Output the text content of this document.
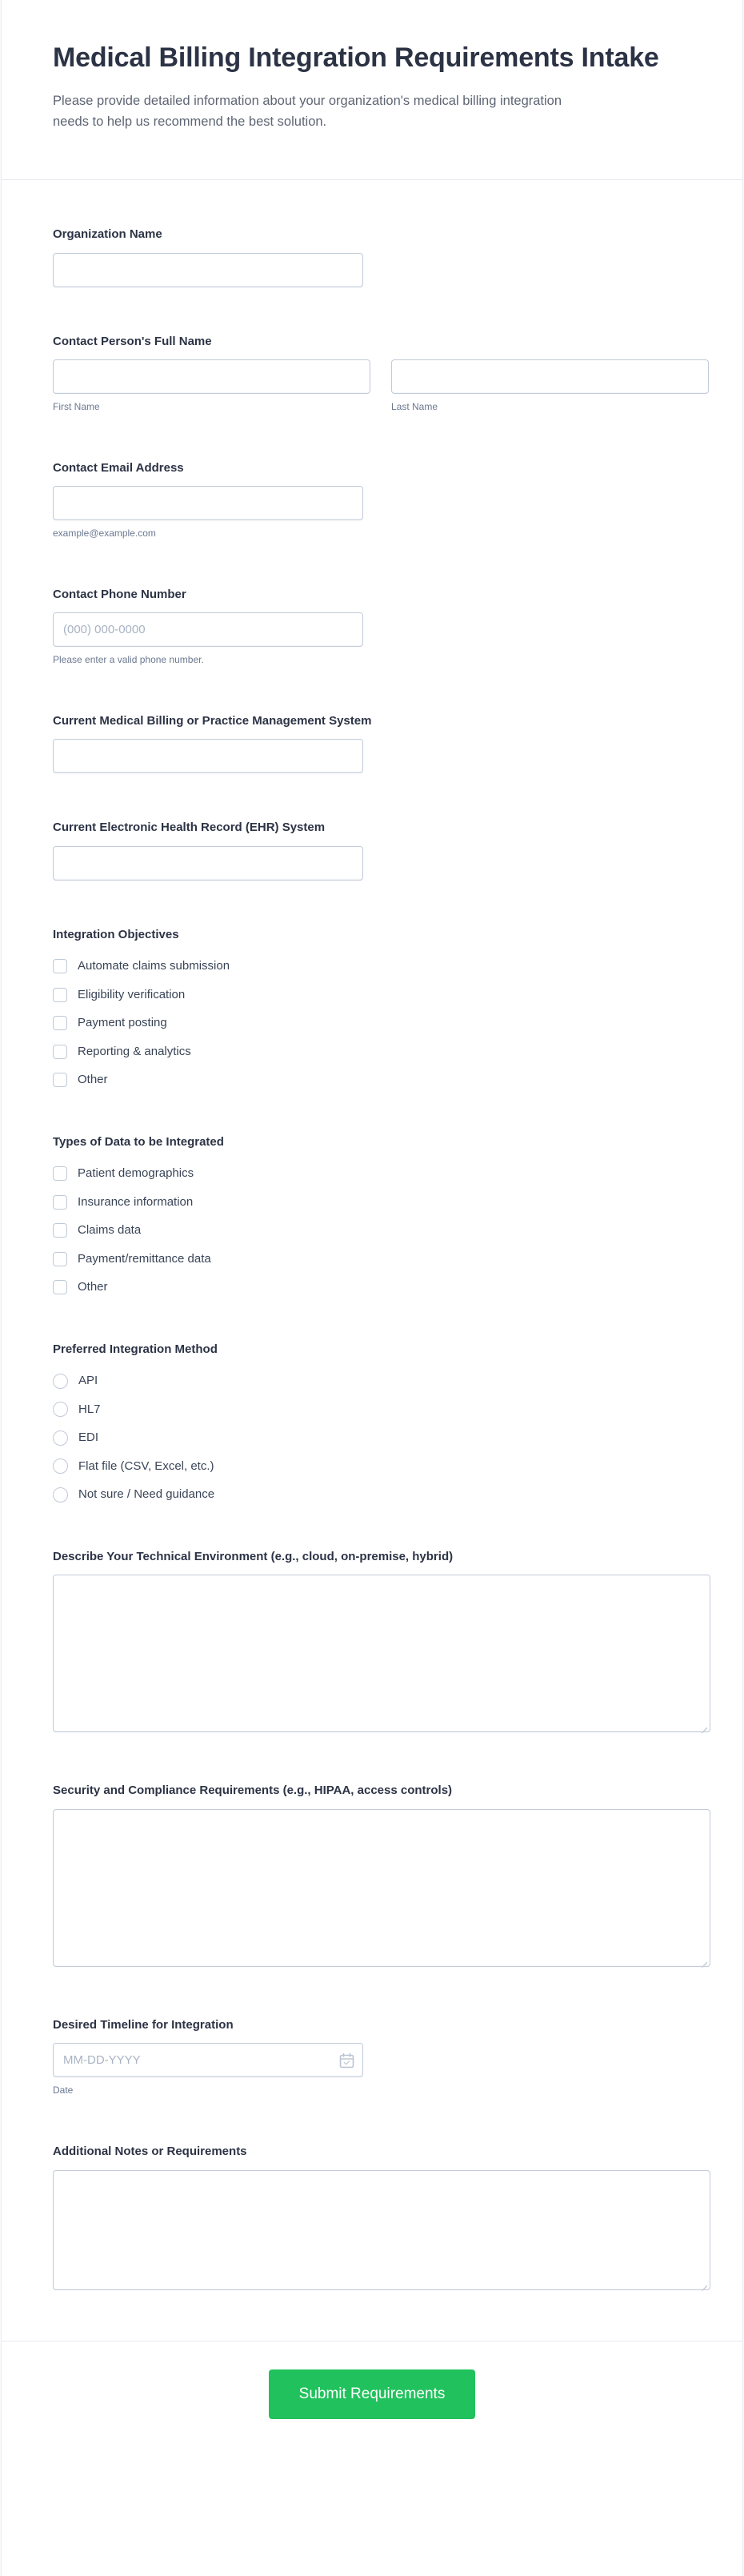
Medical Billing Integration Requirements Intake
Please provide detailed information about your organization's medical billing integration needs to help us recommend the best solution.
Organization Name
Contact Person's Full Name
First Name	Last Name
Contact Email Address
example@example.com
Contact Phone Number
(000) 000-0000
Please enter a valid phone number.
Current Medical Billing or Practice Management System
Current Electronic Health Record (EHR) System
Integration Objectives
Automate claims submission
Eligibility verification
Payment posting
Reporting & analytics
Other
Types of Data to be Integrated
Patient demographics
Insurance information
Claims data
Payment/remittance data
Other
Preferred Integration Method
API
HL7
EDI
Flat file (CSV, Excel, etc.)
Not sure / Need guidance
Describe Your Technical Environment (e.g., cloud, on-premise, hybrid)
Security and Compliance Requirements (e.g., HIPAA, access controls)
Desired Timeline for Integration
MM-DD-YYYY
Date
Additional Notes or Requirements
Submit Requirements
